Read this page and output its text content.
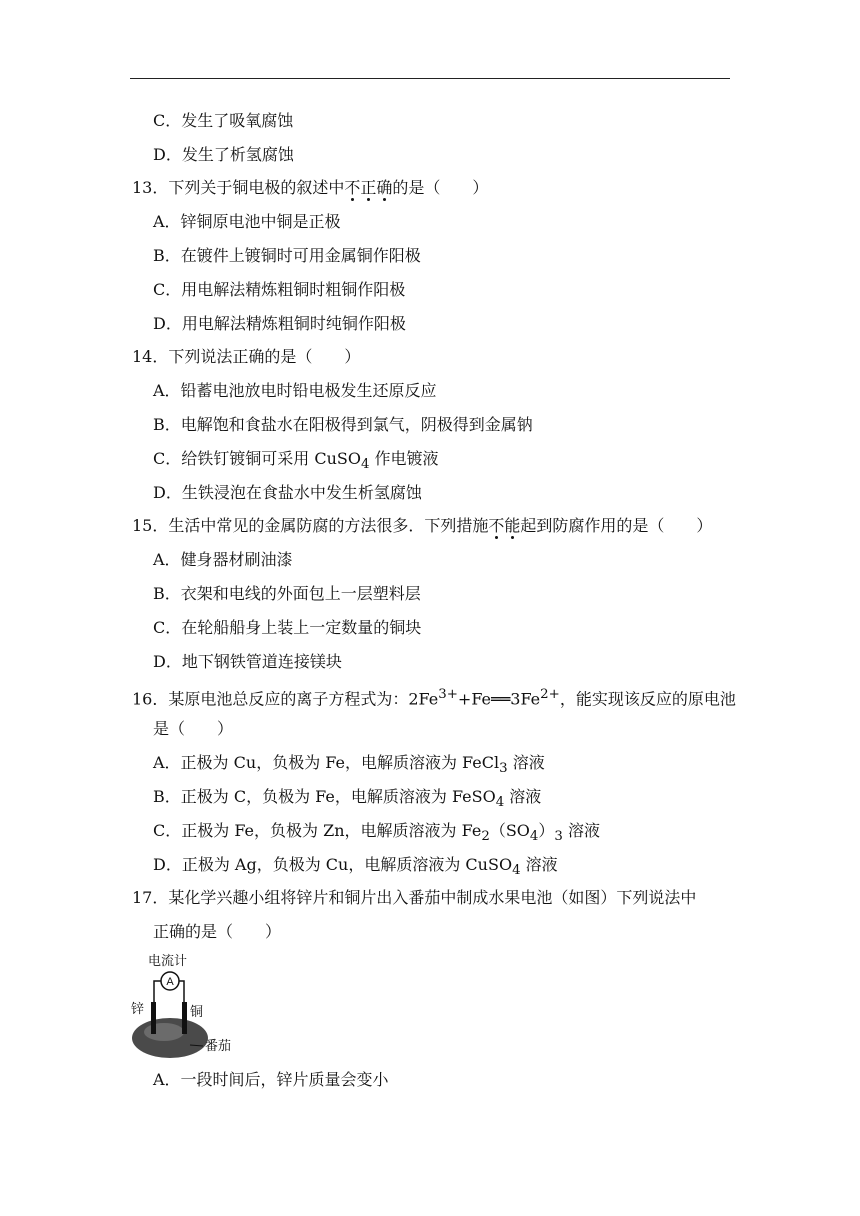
C．发生了吸氧腐蚀
D．发生了析氢腐蚀
13．下列关于铜电极的叙述中不正确的是（　　）
A．锌铜原电池中铜是正极
B．在镀件上镀铜时可用金属铜作阳极
C．用电解法精炼粗铜时粗铜作阳极
D．用电解法精炼粗铜时纯铜作阳极
14．下列说法正确的是（　　）
A．铅蓄电池放电时铅电极发生还原反应
B．电解饱和食盐水在阳极得到氯气，阴极得到金属钠
C．给铁钉镀铜可采用 CuSO$_4$ 作电镀液
D．生铁浸泡在食盐水中发生析氢腐蚀
15．生活中常见的金属防腐的方法很多．下列措施不能起到防腐作用的是（　　）
A．健身器材刷油漆
B．衣架和电线的外面包上一层塑料层
C．在轮船船身上装上一定数量的铜块
D．地下钢铁管道连接镁块
16．某原电池总反应的离子方程式为：$2Fe^{3+}+Fe══3Fe^{2+}$，能实现该反应的原电池
是（　　）
A．正极为 Cu，负极为 Fe，电解质溶液为 FeCl$_3$ 溶液
B．正极为 C，负极为 Fe，电解质溶液为 FeSO$_4$ 溶液
C．正极为 Fe，负极为 Zn，电解质溶液为 $Fe_2(SO_4)_3$ 溶液
D．正极为 Ag，负极为 Cu，电解质溶液为 CuSO$_4$ 溶液
17．某化学兴趣小组将锌片和铜片出入番茄中制成水果电池（如图）下列说法中
正确的是（　　）
电流计
A
锌	铜
番茄
A．一段时间后，锌片质量会变小
